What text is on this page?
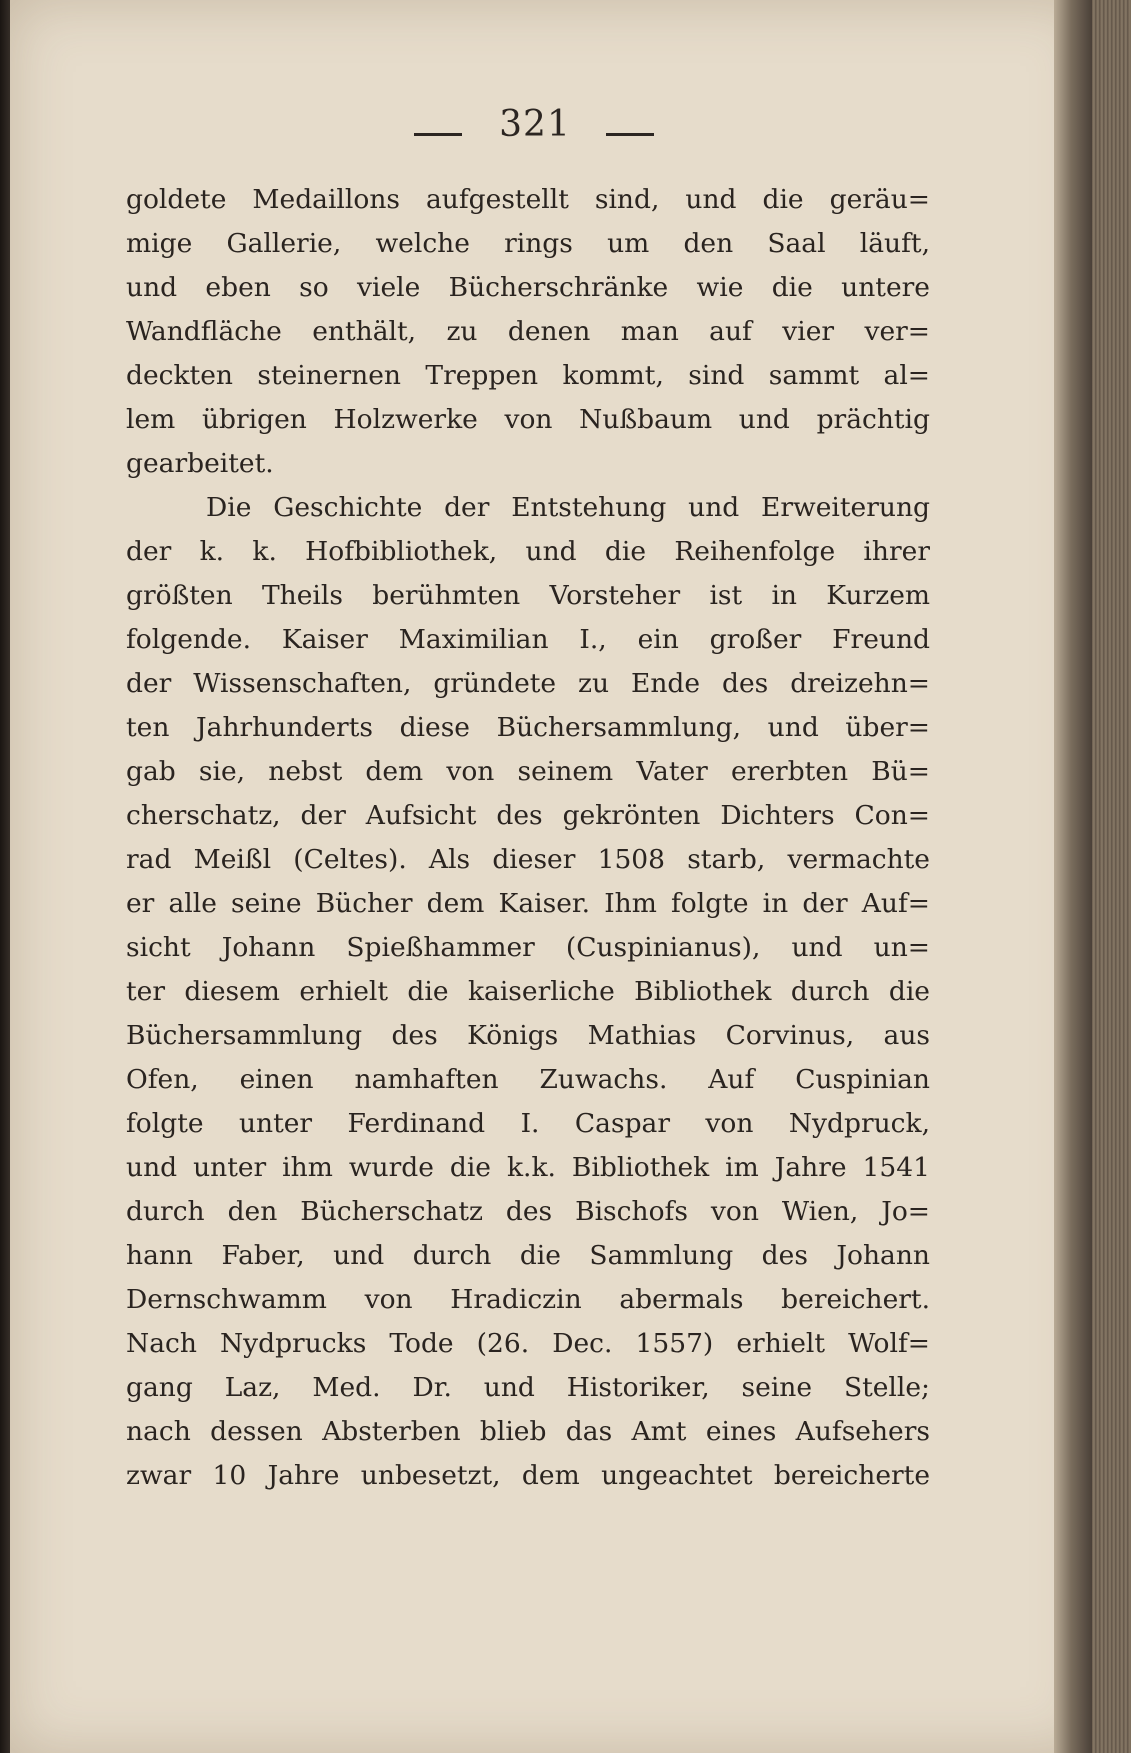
321
goldete Medaillons aufgestellt sind, und die geräu=
mige Gallerie, welche rings um den Saal läuft,
und eben so viele Bücherschränke wie die untere
Wandfläche enthält, zu denen man auf vier ver=
deckten steinernen Treppen kommt, sind sammt al=
lem übrigen Holzwerke von Nußbaum und prächtig
gearbeitet.
Die Geschichte der Entstehung und Erweiterung
der k. k. Hofbibliothek, und die Reihenfolge ihrer
größten Theils berühmten Vorsteher ist in Kurzem
folgende. Kaiser Maximilian I., ein großer Freund
der Wissenschaften, gründete zu Ende des dreizehn=
ten Jahrhunderts diese Büchersammlung, und über=
gab sie, nebst dem von seinem Vater ererbten Bü=
cherschatz, der Aufsicht des gekrönten Dichters Con=
rad Meißl (Celtes). Als dieser 1508 starb, vermachte
er alle seine Bücher dem Kaiser. Ihm folgte in der Auf=
sicht Johann Spießhammer (Cuspinianus), und un=
ter diesem erhielt die kaiserliche Bibliothek durch die
Büchersammlung des Königs Mathias Corvinus, aus
Ofen, einen namhaften Zuwachs. Auf Cuspinian
folgte unter Ferdinand I. Caspar von Nydpruck,
und unter ihm wurde die k.k. Bibliothek im Jahre 1541
durch den Bücherschatz des Bischofs von Wien, Jo=
hann Faber, und durch die Sammlung des Johann
Dernschwamm von Hradiczin abermals bereichert.
Nach Nydprucks Tode (26. Dec. 1557) erhielt Wolf=
gang Laz, Med. Dr. und Historiker, seine Stelle;
nach dessen Absterben blieb das Amt eines Aufsehers
zwar 10 Jahre unbesetzt, dem ungeachtet bereicherte
